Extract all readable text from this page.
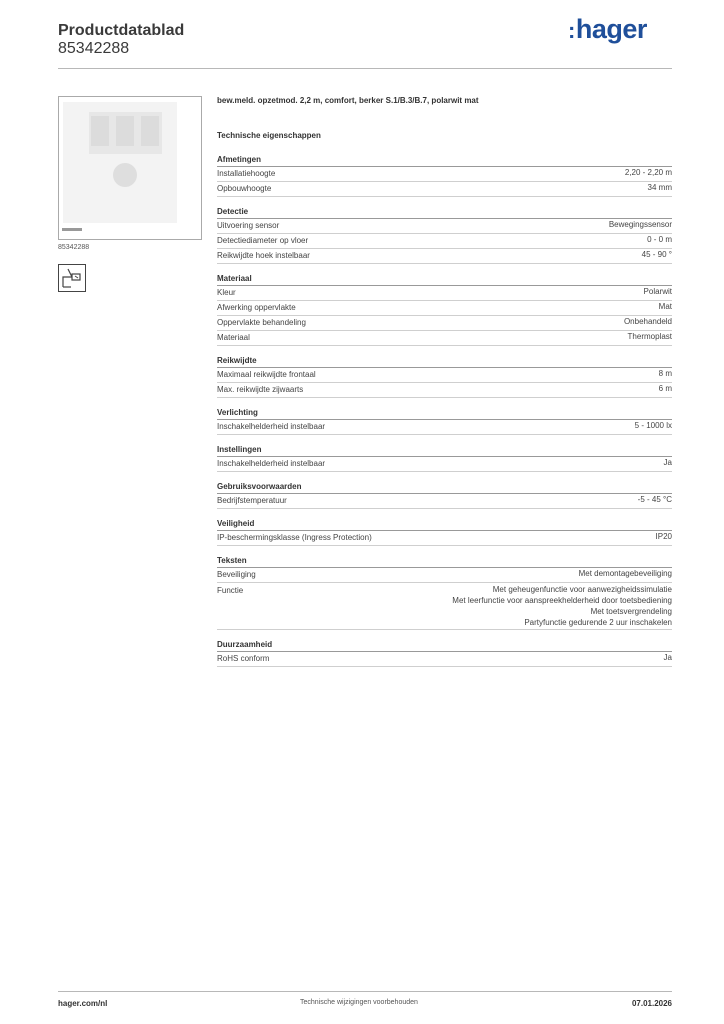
Productdatablad
85342288
:hager
85342288
bew.meld. opzetmod. 2,2 m, comfort, berker S.1/B.3/B.7, polarwit mat
Technische eigenschappen
Afmetingen
Installatiehoogte	2,20 - 2,20 m
Opbouwhoogte	34 mm
Detectie
Uitvoering sensor	Bewegingssensor
Detectiediameter op vloer	0 - 0 m
Reikwijdte hoek instelbaar	45 - 90 °
Materiaal
Kleur	Polarwit
Afwerking oppervlakte	Mat
Oppervlakte behandeling	Onbehandeld
Materiaal	Thermoplast
Reikwijdte
Maximaal reikwijdte frontaal	8 m
Max. reikwijdte zijwaarts	6 m
Verlichting
Inschakelhelderheid instelbaar	5 - 1000 lx
Instellingen
Inschakelhelderheid instelbaar	Ja
Gebruiksvoorwaarden
Bedrijfstemperatuur	-5 - 45 °C
Veiligheid
IP-beschermingsklasse (Ingress Protection)	IP20
Teksten
Beveiliging	Met demontagebeveiliging
Functie	Met geheugenfunctie voor aanwezigheidssimulatie
Met leerfunctie voor aanspreekhelderheid door toetsbediening
Met toetsvergrendeling
Partyfunctie gedurende 2 uur inschakelen
Duurzaamheid
RoHS conform	Ja
hager.com/nl	Technische wijzigingen voorbehouden	07.01.2026
